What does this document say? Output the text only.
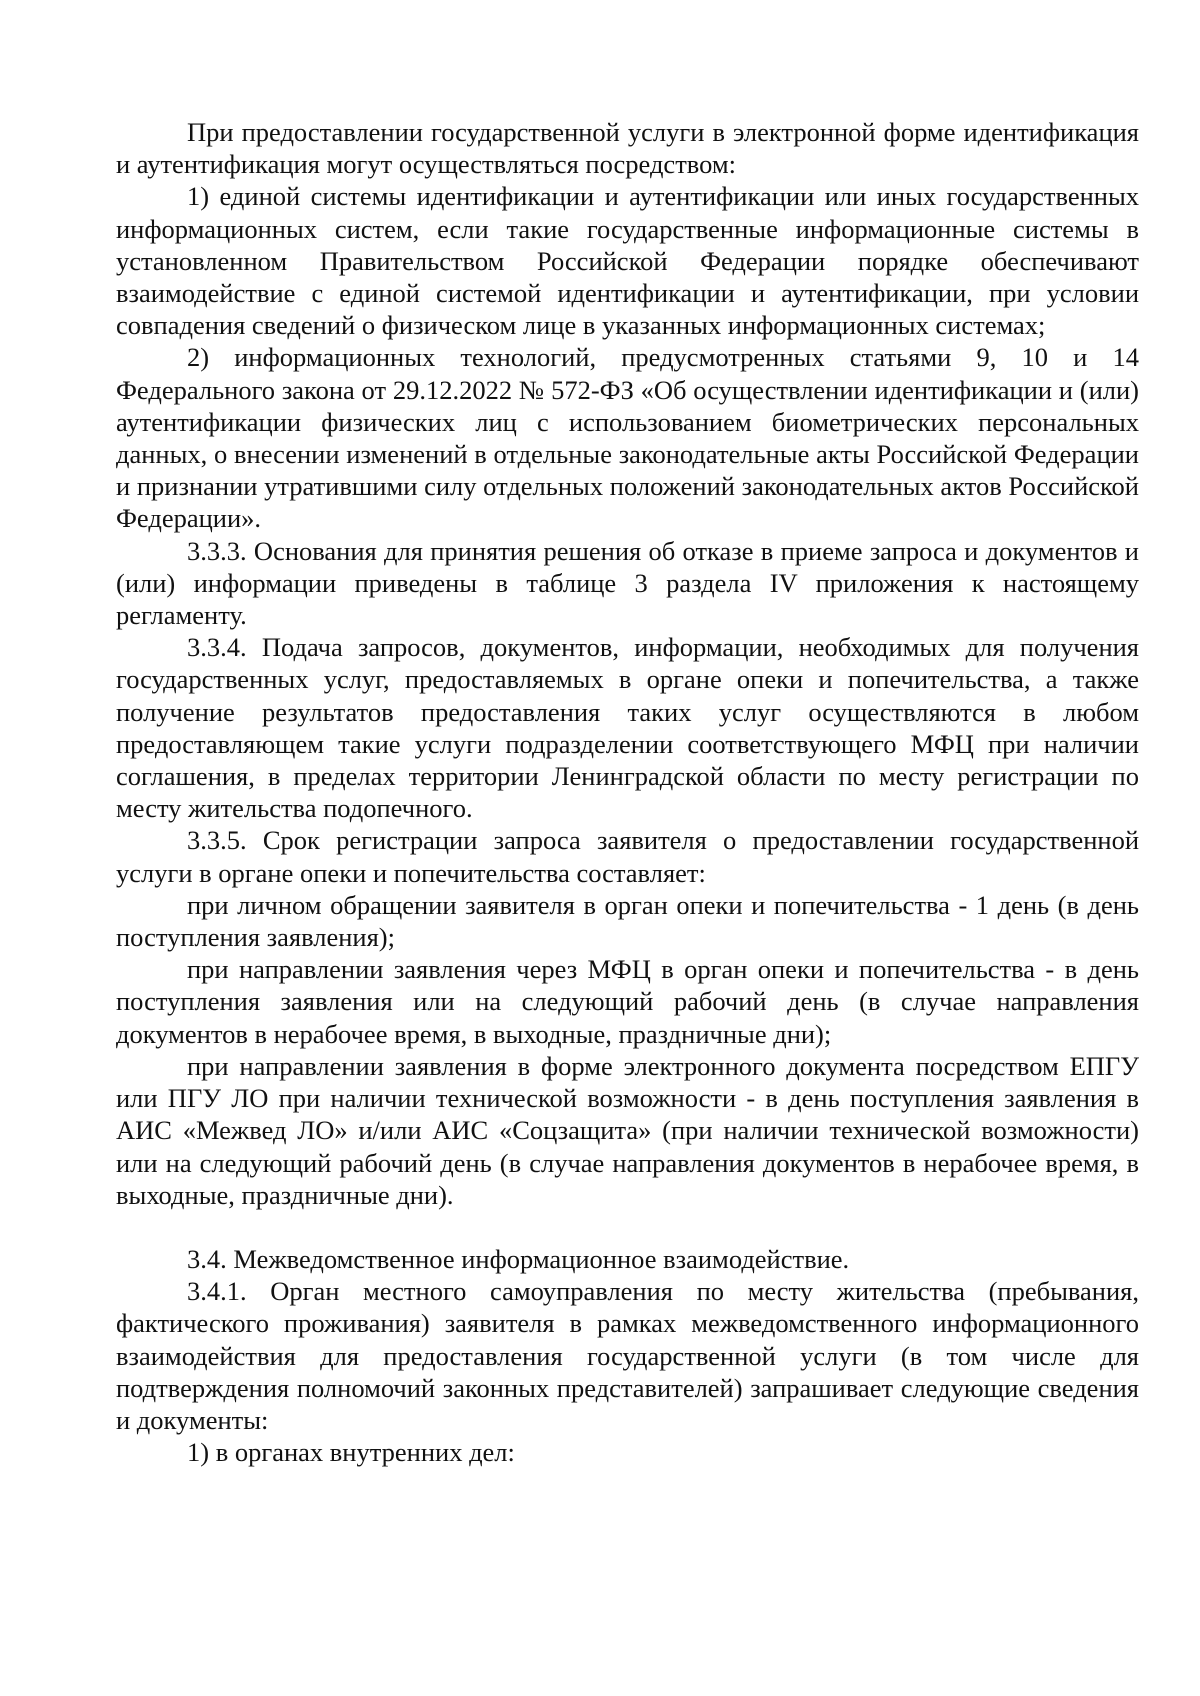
При предоставлении государственной услуги в электронной форме идентификация и аутентификация могут осуществляться посредством:

1) единой системы идентификации и аутентификации или иных государственных информационных систем, если такие государственные информационные системы в установленном Правительством Российской Федерации порядке обеспечивают взаимодействие с единой системой идентификации и аутентификации, при условии совпадения сведений о физическом лице в указанных информационных системах;

2) информационных технологий, предусмотренных статьями 9, 10 и 14 Федерального закона от 29.12.2022 № 572-ФЗ «Об осуществлении идентификации и (или) аутентификации физических лиц с использованием биометрических персональных данных, о внесении изменений в отдельные законодательные акты Российской Федерации и признании утратившими силу отдельных положений законодательных актов Российской Федерации».

3.3.3. Основания для принятия решения об отказе в приеме запроса и документов и (или) информации приведены в таблице 3 раздела IV приложения к настоящему регламенту.

3.3.4. Подача запросов, документов, информации, необходимых для получения государственных услуг, предоставляемых в органе опеки и попечительства, а также получение результатов предоставления таких услуг осуществляются в любом предоставляющем такие услуги подразделении соответствующего МФЦ при наличии соглашения, в пределах территории Ленинградской области по месту регистрации по месту жительства подопечного.

3.3.5. Срок регистрации запроса заявителя о предоставлении государственной услуги в органе опеки и попечительства составляет:

при личном обращении заявителя в орган опеки и попечительства - 1 день (в день поступления заявления);

при направлении заявления через МФЦ в орган опеки и попечительства - в день поступления заявления или на следующий рабочий день (в случае направления документов в нерабочее время, в выходные, праздничные дни);

при направлении заявления в форме электронного документа посредством ЕПГУ или ПГУ ЛО при наличии технической возможности - в день поступления заявления в АИС «Межвед ЛО» и/или АИС «Соцзащита» (при наличии технической возможности) или на следующий рабочий день (в случае направления документов в нерабочее время, в выходные, праздничные дни).

3.4. Межведомственное информационное взаимодействие.

3.4.1. Орган местного самоуправления по месту жительства (пребывания, фактического проживания) заявителя в рамках межведомственного информационного взаимодействия для предоставления государственной услуги (в том числе для подтверждения полномочий законных представителей) запрашивает следующие сведения и документы:

1) в органах внутренних дел:
